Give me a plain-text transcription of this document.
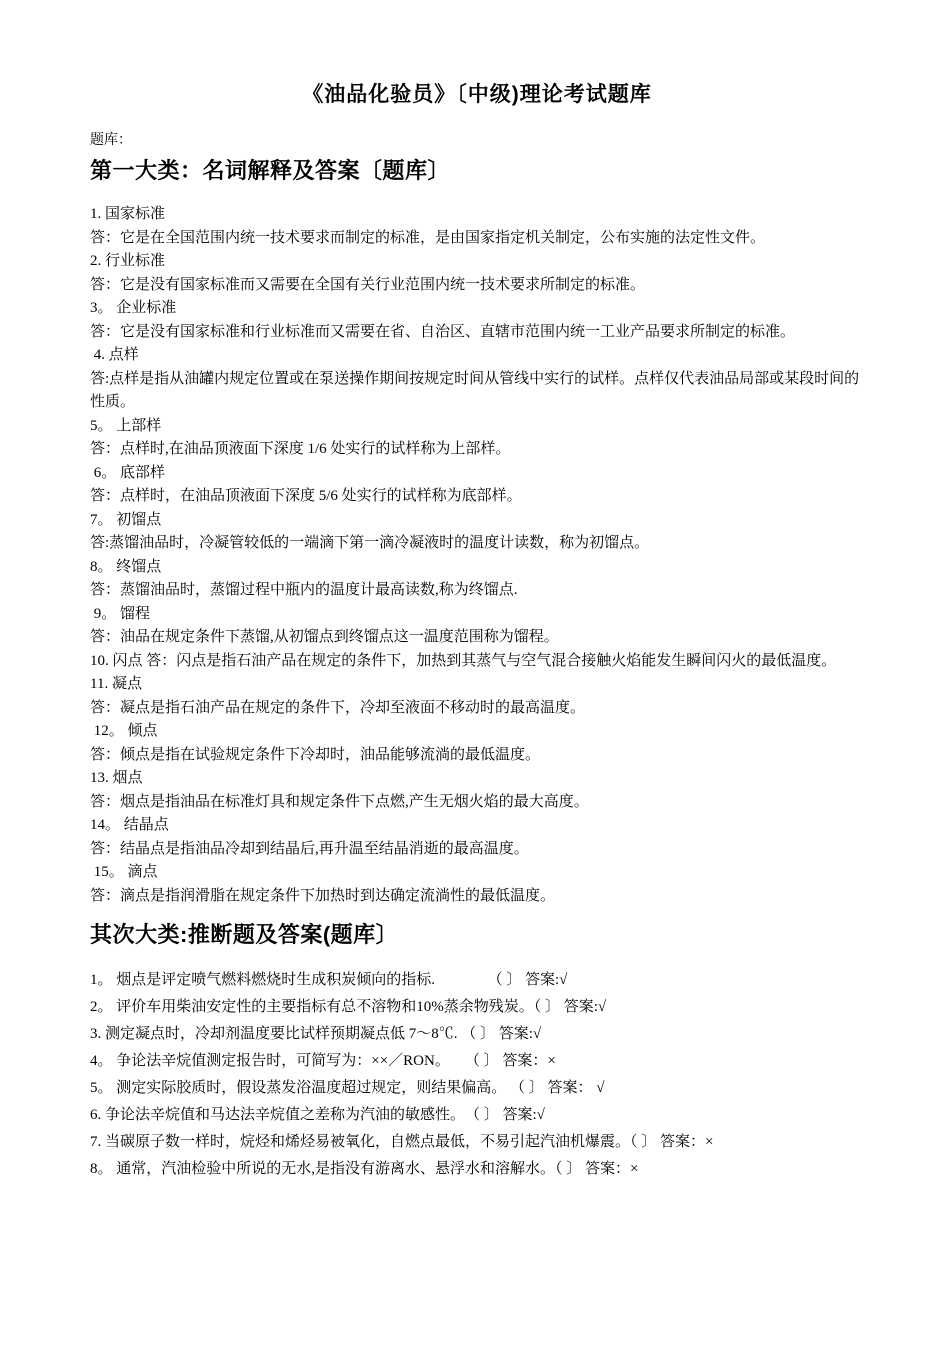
《油品化验员》〔中级)理论考试题库
题库：
第一大类：名词解释及答案〔题库〕

1. 国家标准

答：它是在全国范围内统一技术要求而制定的标准，是由国家指定机关制定，公布实施的法定性文件。

2. 行业标准

答：它是没有国家标准而又需要在全国有关行业范围内统一技术要求所制定的标准。

3。 企业标准

答：它是没有国家标准和行业标准而又需要在省、自治区、直辖市范围内统一工业产品要求所制定的标准。

4. 点样

答:点样是指从油罐内规定位置或在泵送操作期间按规定时间从管线中实行的试样。点样仅代表油品局部或某段时间的性质。

5。 上部样

答：点样时,在油品顶液面下深度 1/6 处实行的试样称为上部样。

6。 底部样

答：点样时，在油品顶液面下深度 5/6 处实行的试样称为底部样。

7。 初馏点

答:蒸馏油品时，冷凝管较低的一端滴下第一滴冷凝液时的温度计读数，称为初馏点。

8。 终馏点

答：蒸馏油品时，蒸馏过程中瓶内的温度计最高读数,称为终馏点.

9。 馏程

答：油品在规定条件下蒸馏,从初馏点到终馏点这一温度范围称为馏程。

10. 闪点 答：闪点是指石油产品在规定的条件下，加热到其蒸气与空气混合接触火焰能发生瞬间闪火的最低温度。

11. 凝点

答：凝点是指石油产品在规定的条件下，冷却至液面不移动时的最高温度。

12。 倾点

答：倾点是指在试验规定条件下冷却时，油品能够流淌的最低温度。

13. 烟点

答：烟点是指油品在标准灯具和规定条件下点燃,产生无烟火焰的最大高度。

14。 结晶点

答：结晶点是指油品冷却到结晶后,再升温至结晶消逝的最高温度。

15。 滴点

答：滴点是指润滑脂在规定条件下加热时到达确定流淌性的最低温度。

其次大类:推断题及答案(题库〕

1。 烟点是评定喷气燃料燃烧时生成积炭倾向的指标.　　　　（ 〕 答案:√

2。 评价车用柴油安定性的主要指标有总不溶物和10%蒸余物残炭。（ 〕 答案:√

3. 测定凝点时，冷却剂温度要比试样预期凝点低 7～8℃. （ 〕 答案:√

4。 争论法辛烷值测定报告时，可简写为：××／RON。　　（ 〕 答案：×

5。 测定实际胶质时，假设蒸发浴温度超过规定，则结果偏高。 （ 〕 答案： √

6. 争论法辛烷值和马达法辛烷值之差称为汽油的敏感性。　（ 〕 答案:√

7. 当碳原子数一样时，烷烃和烯烃易被氧化，自燃点最低，不易引起汽油机爆震。（ 〕 答案：×

8。 通常，汽油检验中所说的无水,是指没有游离水、悬浮水和溶解水。（ 〕 答案：×
